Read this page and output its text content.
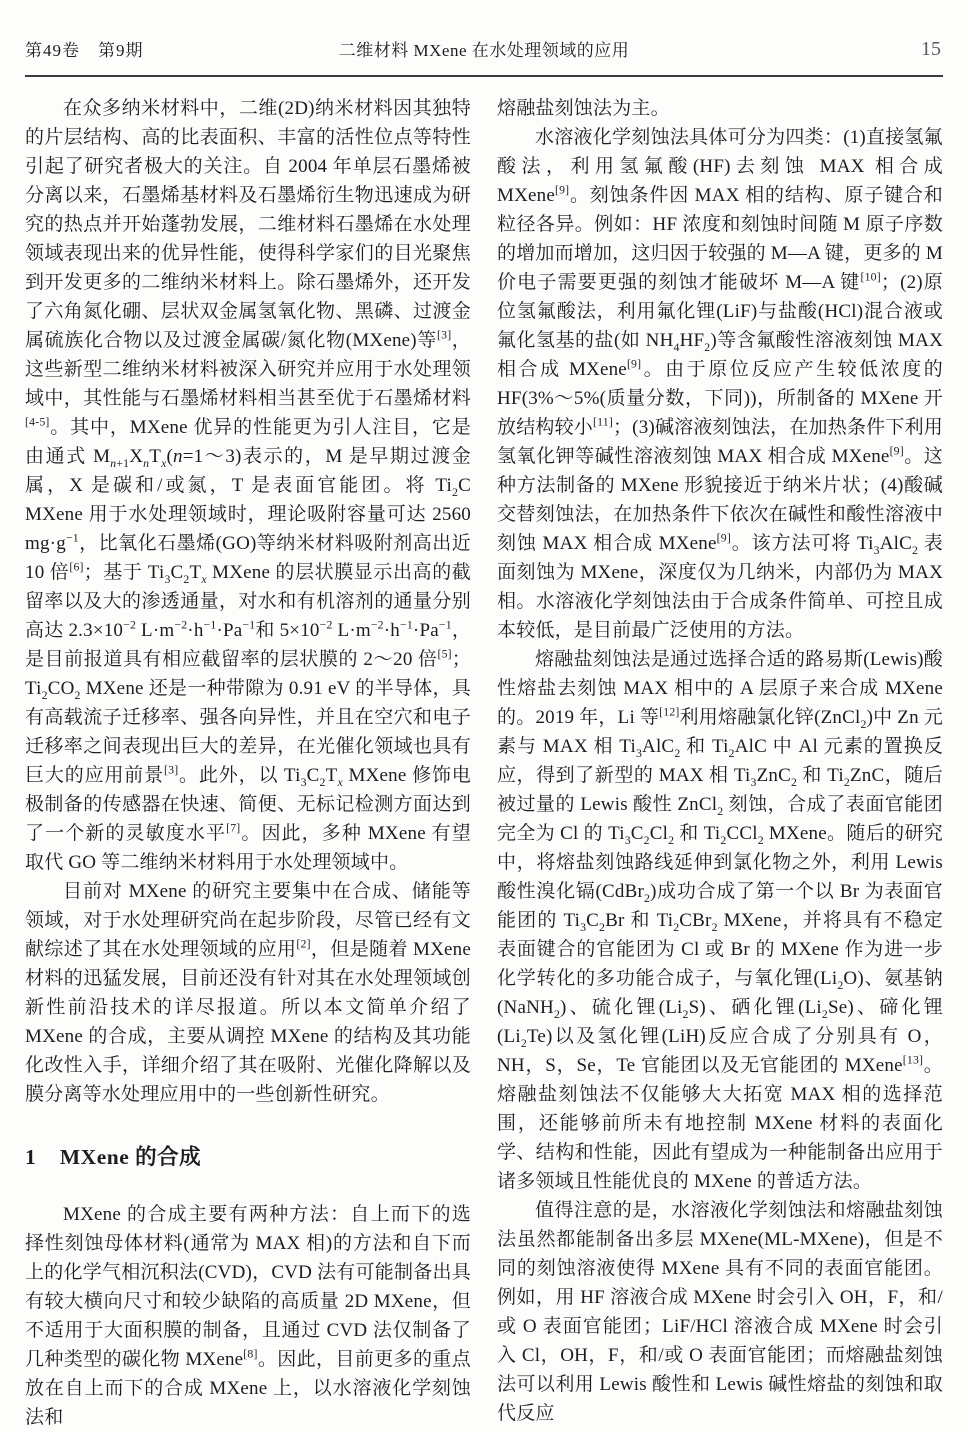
第49卷　第9期	二维材料 MXene 在水处理领域的应用	15

在众多纳米材料中，二维(2D)纳米材料因其独特的片层结构、高的比表面积、丰富的活性位点等特性引起了研究者极大的关注。自 2004 年单层石墨烯被分离以来，石墨烯基材料及石墨烯衍生物迅速成为研究的热点并开始蓬勃发展，二维材料石墨烯在水处理领域表现出来的优异性能，使得科学家们的目光聚焦到开发更多的二维纳米材料上。除石墨烯外，还开发了六角氮化硼、层状双金属氢氧化物、黑磷、过渡金属硫族化合物以及过渡金属碳/氮化物(MXene)等[3]，这些新型二维纳米材料被深入研究并应用于水处理领域中，其性能与石墨烯材料相当甚至优于石墨烯材料[4-5]。其中，MXene 优异的性能更为引人注目，它是由通式 $M_{n+1}X_nT_x(n=1\sim 3)$表示的，M 是早期过渡金属，X 是碳和/或氮，T 是表面官能团。将 $Ti_2C$ MXene 用于水处理领域时，理论吸附容量可达 2560 $mg\cdot g^{-1}$，比氧化石墨烯(GO)等纳米材料吸附剂高出近 10 倍[6]；基于 $Ti_3C_2T_x$ MXene 的层状膜显示出高的截留率以及大的渗透通量，对水和有机溶剂的通量分别高达 $2.3\times 10^{-2}$ $L\cdot m^{-2}\cdot h^{-1}\cdot Pa^{-1}$和 $5\times 10^{-2}$ $L\cdot m^{-2}\cdot h^{-1}\cdot Pa^{-1}$，是目前报道具有相应截留率的层状膜的 2～20 倍[5]；$Ti_2CO_2$ MXene 还是一种带隙为 0.91 eV 的半导体，具有高载流子迁移率、强各向异性，并且在空穴和电子迁移率之间表现出巨大的差异，在光催化领域也具有巨大的应用前景[3]。此外，以 $Ti_3C_2T_x$ MXene 修饰电极制备的传感器在快速、简便、无标记检测方面达到了一个新的灵敏度水平[7]。因此，多种 MXene 有望取代 GO 等二维纳米材料用于水处理领域中。

目前对 MXene 的研究主要集中在合成、储能等领域，对于水处理研究尚在起步阶段，尽管已经有文献综述了其在水处理领域的应用[2]，但是随着 MXene 材料的迅猛发展，目前还没有针对其在水处理领域创新性前沿技术的详尽报道。所以本文简单介绍了 MXene 的合成，主要从调控 MXene 的结构及其功能化改性入手，详细介绍了其在吸附、光催化降解以及膜分离等水处理应用中的一些创新性研究。

1 MXene 的合成

MXene 的合成主要有两种方法：自上而下的选择性刻蚀母体材料(通常为 MAX 相)的方法和自下而上的化学气相沉积法(CVD)，CVD 法有可能制备出具有较大横向尺寸和较少缺陷的高质量 2D MXene，但不适用于大面积膜的制备，且通过 CVD 法仅制备了几种类型的碳化物 MXene[8]。因此，目前更多的重点放在自上而下的合成 MXene 上，以水溶液化学刻蚀法和

熔融盐刻蚀法为主。

水溶液化学刻蚀法具体可分为四类：(1)直接氢氟酸法，利用氢氟酸(HF)去刻蚀 MAX 相合成 MXene[9]。刻蚀条件因 MAX 相的结构、原子键合和粒径各异。例如：HF 浓度和刻蚀时间随 M 原子序数的增加而增加，这归因于较强的 M—A 键，更多的 M 价电子需要更强的刻蚀才能破坏 M—A 键[10]；(2)原位氢氟酸法，利用氟化锂(LiF)与盐酸(HCl)混合液或氟化氢基的盐(如 $NH_4HF_2$)等含氟酸性溶液刻蚀 MAX 相合成 MXene[9]。由于原位反应产生较低浓度的 HF(3%～5%(质量分数，下同))，所制备的 MXene 开放结构较小[11]；(3)碱溶液刻蚀法，在加热条件下利用氢氧化钾等碱性溶液刻蚀 MAX 相合成 MXene[9]。这种方法制备的 MXene 形貌接近于纳米片状；(4)酸碱交替刻蚀法，在加热条件下依次在碱性和酸性溶液中刻蚀 MAX 相合成 MXene[9]。该方法可将 $Ti_3AlC_2$ 表面刻蚀为 MXene，深度仅为几纳米，内部仍为 MAX 相。水溶液化学刻蚀法由于合成条件简单、可控且成本较低，是目前最广泛使用的方法。

熔融盐刻蚀法是通过选择合适的路易斯(Lewis)酸性熔盐去刻蚀 MAX 相中的 A 层原子来合成 MXene 的。2019 年，Li 等[12]利用熔融氯化锌(ZnCl$_2$)中 Zn 元素与 MAX 相 $Ti_3AlC_2$ 和 $Ti_2AlC$ 中 Al 元素的置换反应，得到了新型的 MAX 相 $Ti_3ZnC_2$ 和 $Ti_2ZnC$，随后被过量的 Lewis 酸性 ZnCl$_2$ 刻蚀，合成了表面官能团完全为 Cl 的 $Ti_3C_2Cl_2$ 和 $Ti_2CCl_2$ MXene。随后的研究中，将熔盐刻蚀路线延伸到氯化物之外，利用 Lewis 酸性溴化镉(CdBr$_2$)成功合成了第一个以 Br 为表面官能团的 $Ti_3C_2Br$ 和 $Ti_2CBr_2$ MXene，并将具有不稳定表面键合的官能团为 Cl 或 Br 的 MXene 作为进一步化学转化的多功能合成子，与氧化锂$(Li_2O)$、氨基钠(NaNH$_2$)、硫化锂$(Li_2S)$、硒化锂$(Li_2Se)$、碲化锂$(Li_2Te)$以及氢化锂(LiH)反应合成了分别具有 O，NH，S，Se，Te 官能团以及无官能团的 MXene[13]。熔融盐刻蚀法不仅能够大大拓宽 MAX 相的选择范围，还能够前所未有地控制 MXene 材料的表面化学、结构和性能，因此有望成为一种能制备出应用于诸多领域且性能优良的 MXene 的普适方法。

值得注意的是，水溶液化学刻蚀法和熔融盐刻蚀法虽然都能制备出多层 MXene(ML-MXene)，但是不同的刻蚀溶液使得 MXene 具有不同的表面官能团。例如，用 HF 溶液合成 MXene 时会引入 OH，F，和/或 O 表面官能团；LiF/HCl 溶液合成 MXene 时会引入 Cl，OH，F，和/或 O 表面官能团；而熔融盐刻蚀法可以利用 Lewis 酸性和 Lewis 碱性熔盐的刻蚀和取代反应
